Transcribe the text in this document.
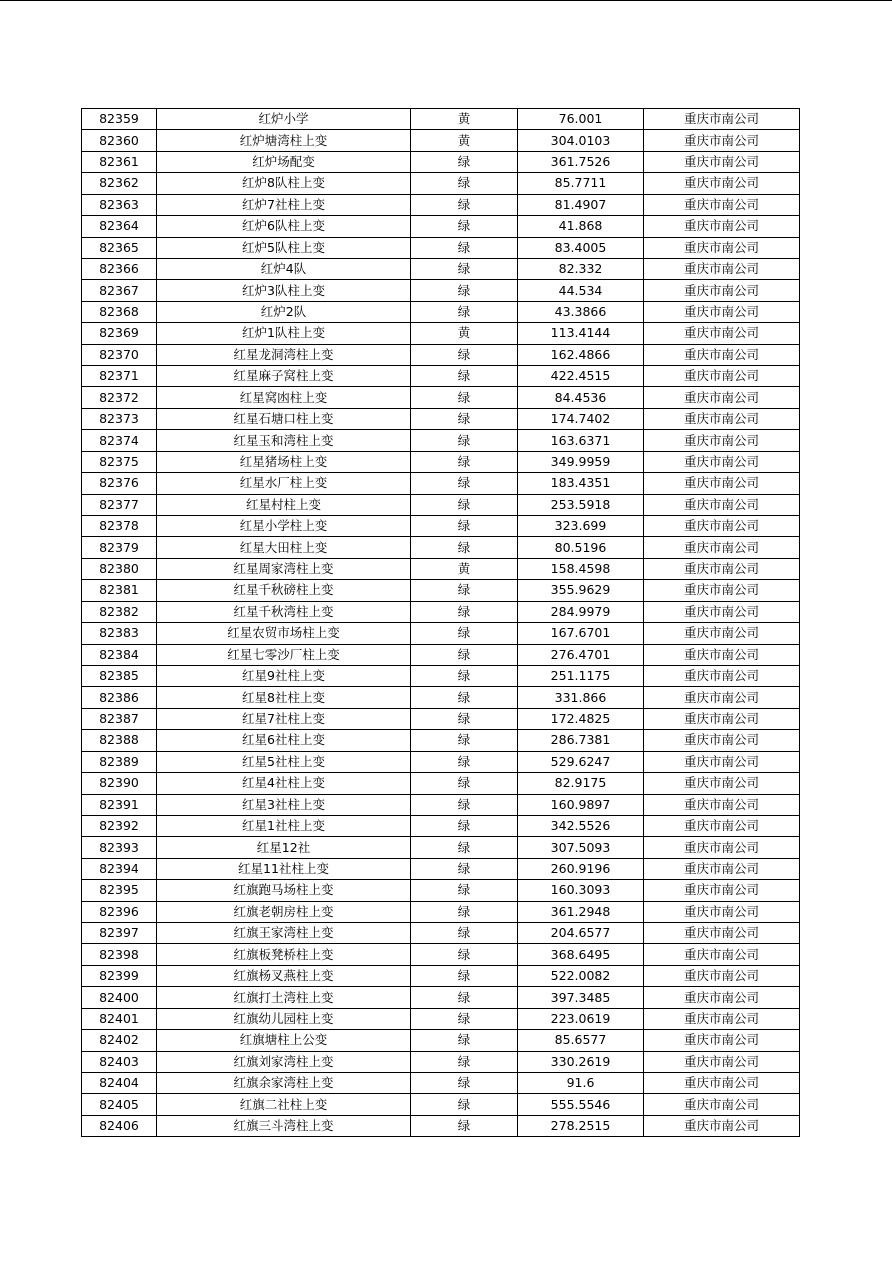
82359	红炉小学	黄	76.001	重庆市南公司
82360	红炉塘湾柱上变	黄	304.0103	重庆市南公司
82361	红炉场配变	绿	361.7526	重庆市南公司
82362	红炉8队柱上变	绿	85.7711	重庆市南公司
82363	红炉7社柱上变	绿	81.4907	重庆市南公司
82364	红炉6队柱上变	绿	41.868	重庆市南公司
82365	红炉5队柱上变	绿	83.4005	重庆市南公司
82366	红炉4队	绿	82.332	重庆市南公司
82367	红炉3队柱上变	绿	44.534	重庆市南公司
82368	红炉2队	绿	43.3866	重庆市南公司
82369	红炉1队柱上变	黄	113.4144	重庆市南公司
82370	红星龙洞湾柱上变	绿	162.4866	重庆市南公司
82371	红星麻子窝柱上变	绿	422.4515	重庆市南公司
82372	红星窝凼柱上变	绿	84.4536	重庆市南公司
82373	红星石塘口柱上变	绿	174.7402	重庆市南公司
82374	红星玉和湾柱上变	绿	163.6371	重庆市南公司
82375	红星猪场柱上变	绿	349.9959	重庆市南公司
82376	红星水厂柱上变	绿	183.4351	重庆市南公司
82377	红星村柱上变	绿	253.5918	重庆市南公司
82378	红星小学柱上变	绿	323.699	重庆市南公司
82379	红星大田柱上变	绿	80.5196	重庆市南公司
82380	红星周家湾柱上变	黄	158.4598	重庆市南公司
82381	红星千秋磅柱上变	绿	355.9629	重庆市南公司
82382	红星千秋湾柱上变	绿	284.9979	重庆市南公司
82383	红星农贸市场柱上变	绿	167.6701	重庆市南公司
82384	红星七零沙厂柱上变	绿	276.4701	重庆市南公司
82385	红星9社柱上变	绿	251.1175	重庆市南公司
82386	红星8社柱上变	绿	331.866	重庆市南公司
82387	红星7社柱上变	绿	172.4825	重庆市南公司
82388	红星6社柱上变	绿	286.7381	重庆市南公司
82389	红星5社柱上变	绿	529.6247	重庆市南公司
82390	红星4社柱上变	绿	82.9175	重庆市南公司
82391	红星3社柱上变	绿	160.9897	重庆市南公司
82392	红星1社柱上变	绿	342.5526	重庆市南公司
82393	红星12社	绿	307.5093	重庆市南公司
82394	红星11社柱上变	绿	260.9196	重庆市南公司
82395	红旗跑马场柱上变	绿	160.3093	重庆市南公司
82396	红旗老朝房柱上变	绿	361.2948	重庆市南公司
82397	红旗王家湾柱上变	绿	204.6577	重庆市南公司
82398	红旗板凳桥柱上变	绿	368.6495	重庆市南公司
82399	红旗杨叉燕柱上变	绿	522.0082	重庆市南公司
82400	红旗打土湾柱上变	绿	397.3485	重庆市南公司
82401	红旗幼儿园柱上变	绿	223.0619	重庆市南公司
82402	红旗塘柱上公变	绿	85.6577	重庆市南公司
82403	红旗刘家湾柱上变	绿	330.2619	重庆市南公司
82404	红旗余家湾柱上变	绿	91.6	重庆市南公司
82405	红旗二社柱上变	绿	555.5546	重庆市南公司
82406	红旗三斗湾柱上变	绿	278.2515	重庆市南公司
